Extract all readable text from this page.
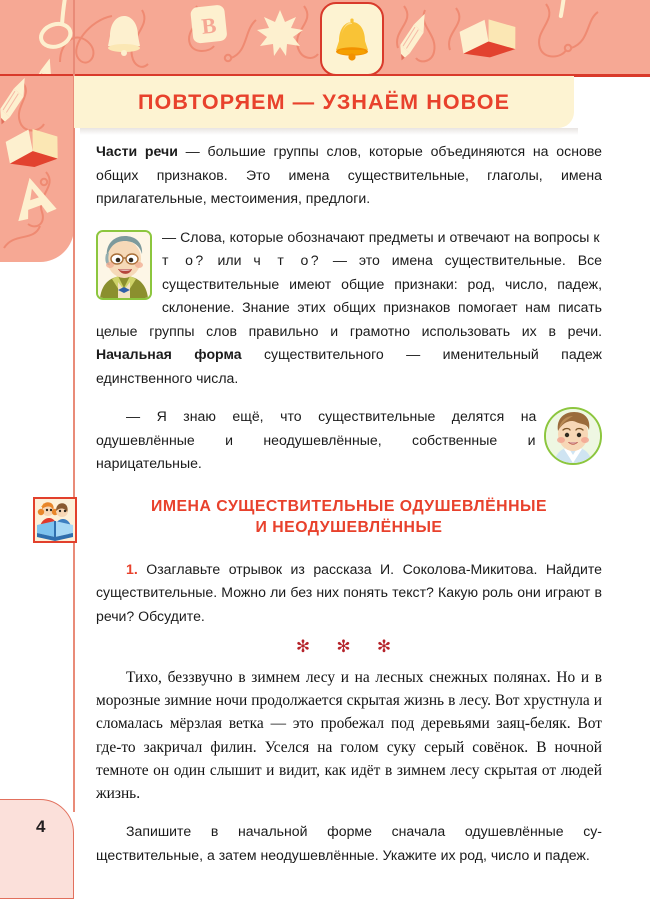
В
ПОВТОРЯЕМ — УЗНАЁМ НОВОЕ

Части речи — большие группы слов, которые объединяются на основе общих признаков. Это имена существительные, глаголы, имена прилагательные, местоимения, предлоги.

— Слова, которые обозначают предметы и отвечают на вопросы к т о? или ч т о? — это имена существительные. Все существительные имеют общие признаки: род, число, падеж, склонение. Знание этих общих признаков помогает нам писать целые группы слов правильно и грамотно использовать их в речи. Начальная форма существительного — именительный падеж единственного числа.

— Я знаю ещё, что существительные делятся на одушевлённые и неодушевлённые, собственные и нарицательные.

ИМЕНА СУЩЕСТВИТЕЛЬНЫЕ ОДУШЕВЛЁННЫЕ
И НЕОДУШЕВЛЁННЫЕ

1. Озаглавьте отрывок из рассказа И. Соколова-Микитова. Найдите существительные. Можно ли без них понять текст? Какую роль они играют в речи? Обсудите.

✻ ✻ ✻

Тихо, беззвучно в зимнем лесу и на лесных снежных полянах. Но и в морозные зимние ночи продолжается скрытая жизнь в лесу. Вот хрустнула и сломалась мёрзлая ветка — это пробежал под деревьями заяц-беляк. Вот где-то закричал филин. Уселся на голом суку серый совёнок. В ночной темноте он один слышит и видит, как идёт в зимнем лесу скрытая от людей жизнь.

Запишите в начальной форме сначала одушевлённые существительные, а затем неодушевлённые. Укажите их род, число и падеж.

4
